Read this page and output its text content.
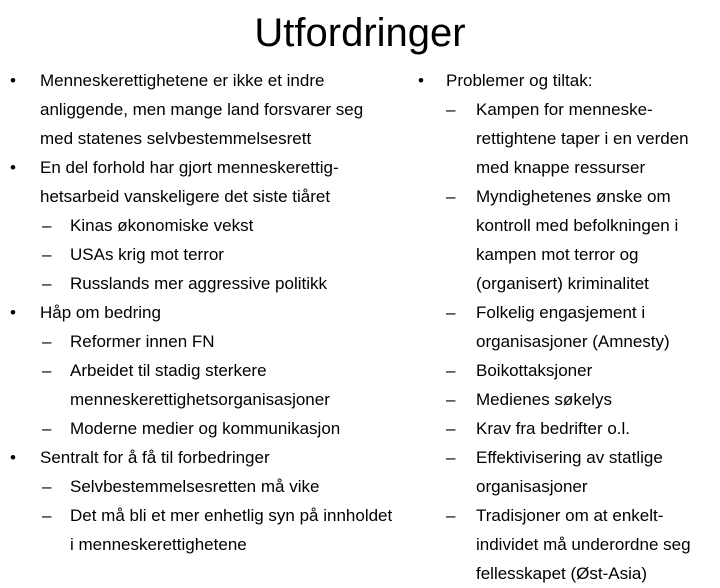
Utfordringer
• Menneskerettighetene er ikke et indre anliggende, men mange land forsvarer seg med statenes selvbestemmelsesrett
• En del forhold har gjort menneskerettig-hetsarbeid vanskeligere det siste tiåret
– Kinas økonomiske vekst
– USAs krig mot terror
– Russlands mer aggressive politikk
• Håp om bedring
– Reformer innen FN
– Arbeidet til stadig sterkere menneskerettighetsorganisasjoner
– Moderne medier og kommunikasjon
• Sentralt for å få til forbedringer
– Selvbestemmelsesretten må vike
– Det må bli et mer enhetlig syn på innholdet i menneskerettighetene
• Problemer og tiltak:
– Kampen for menneske-rettightene taper i en verden med knappe ressurser
– Myndighetenes ønske om kontroll med befolkningen i kampen mot terror og (organisert) kriminalitet
– Folkelig engasjement i organisasjoner (Amnesty)
– Boikottaksjoner
– Medienes søkelys
– Krav fra bedrifter o.l.
– Effektivisering av statlige organisasjoner
– Tradisjoner om at enkelt-individet må underordne seg fellesskapet (Øst-Asia)
